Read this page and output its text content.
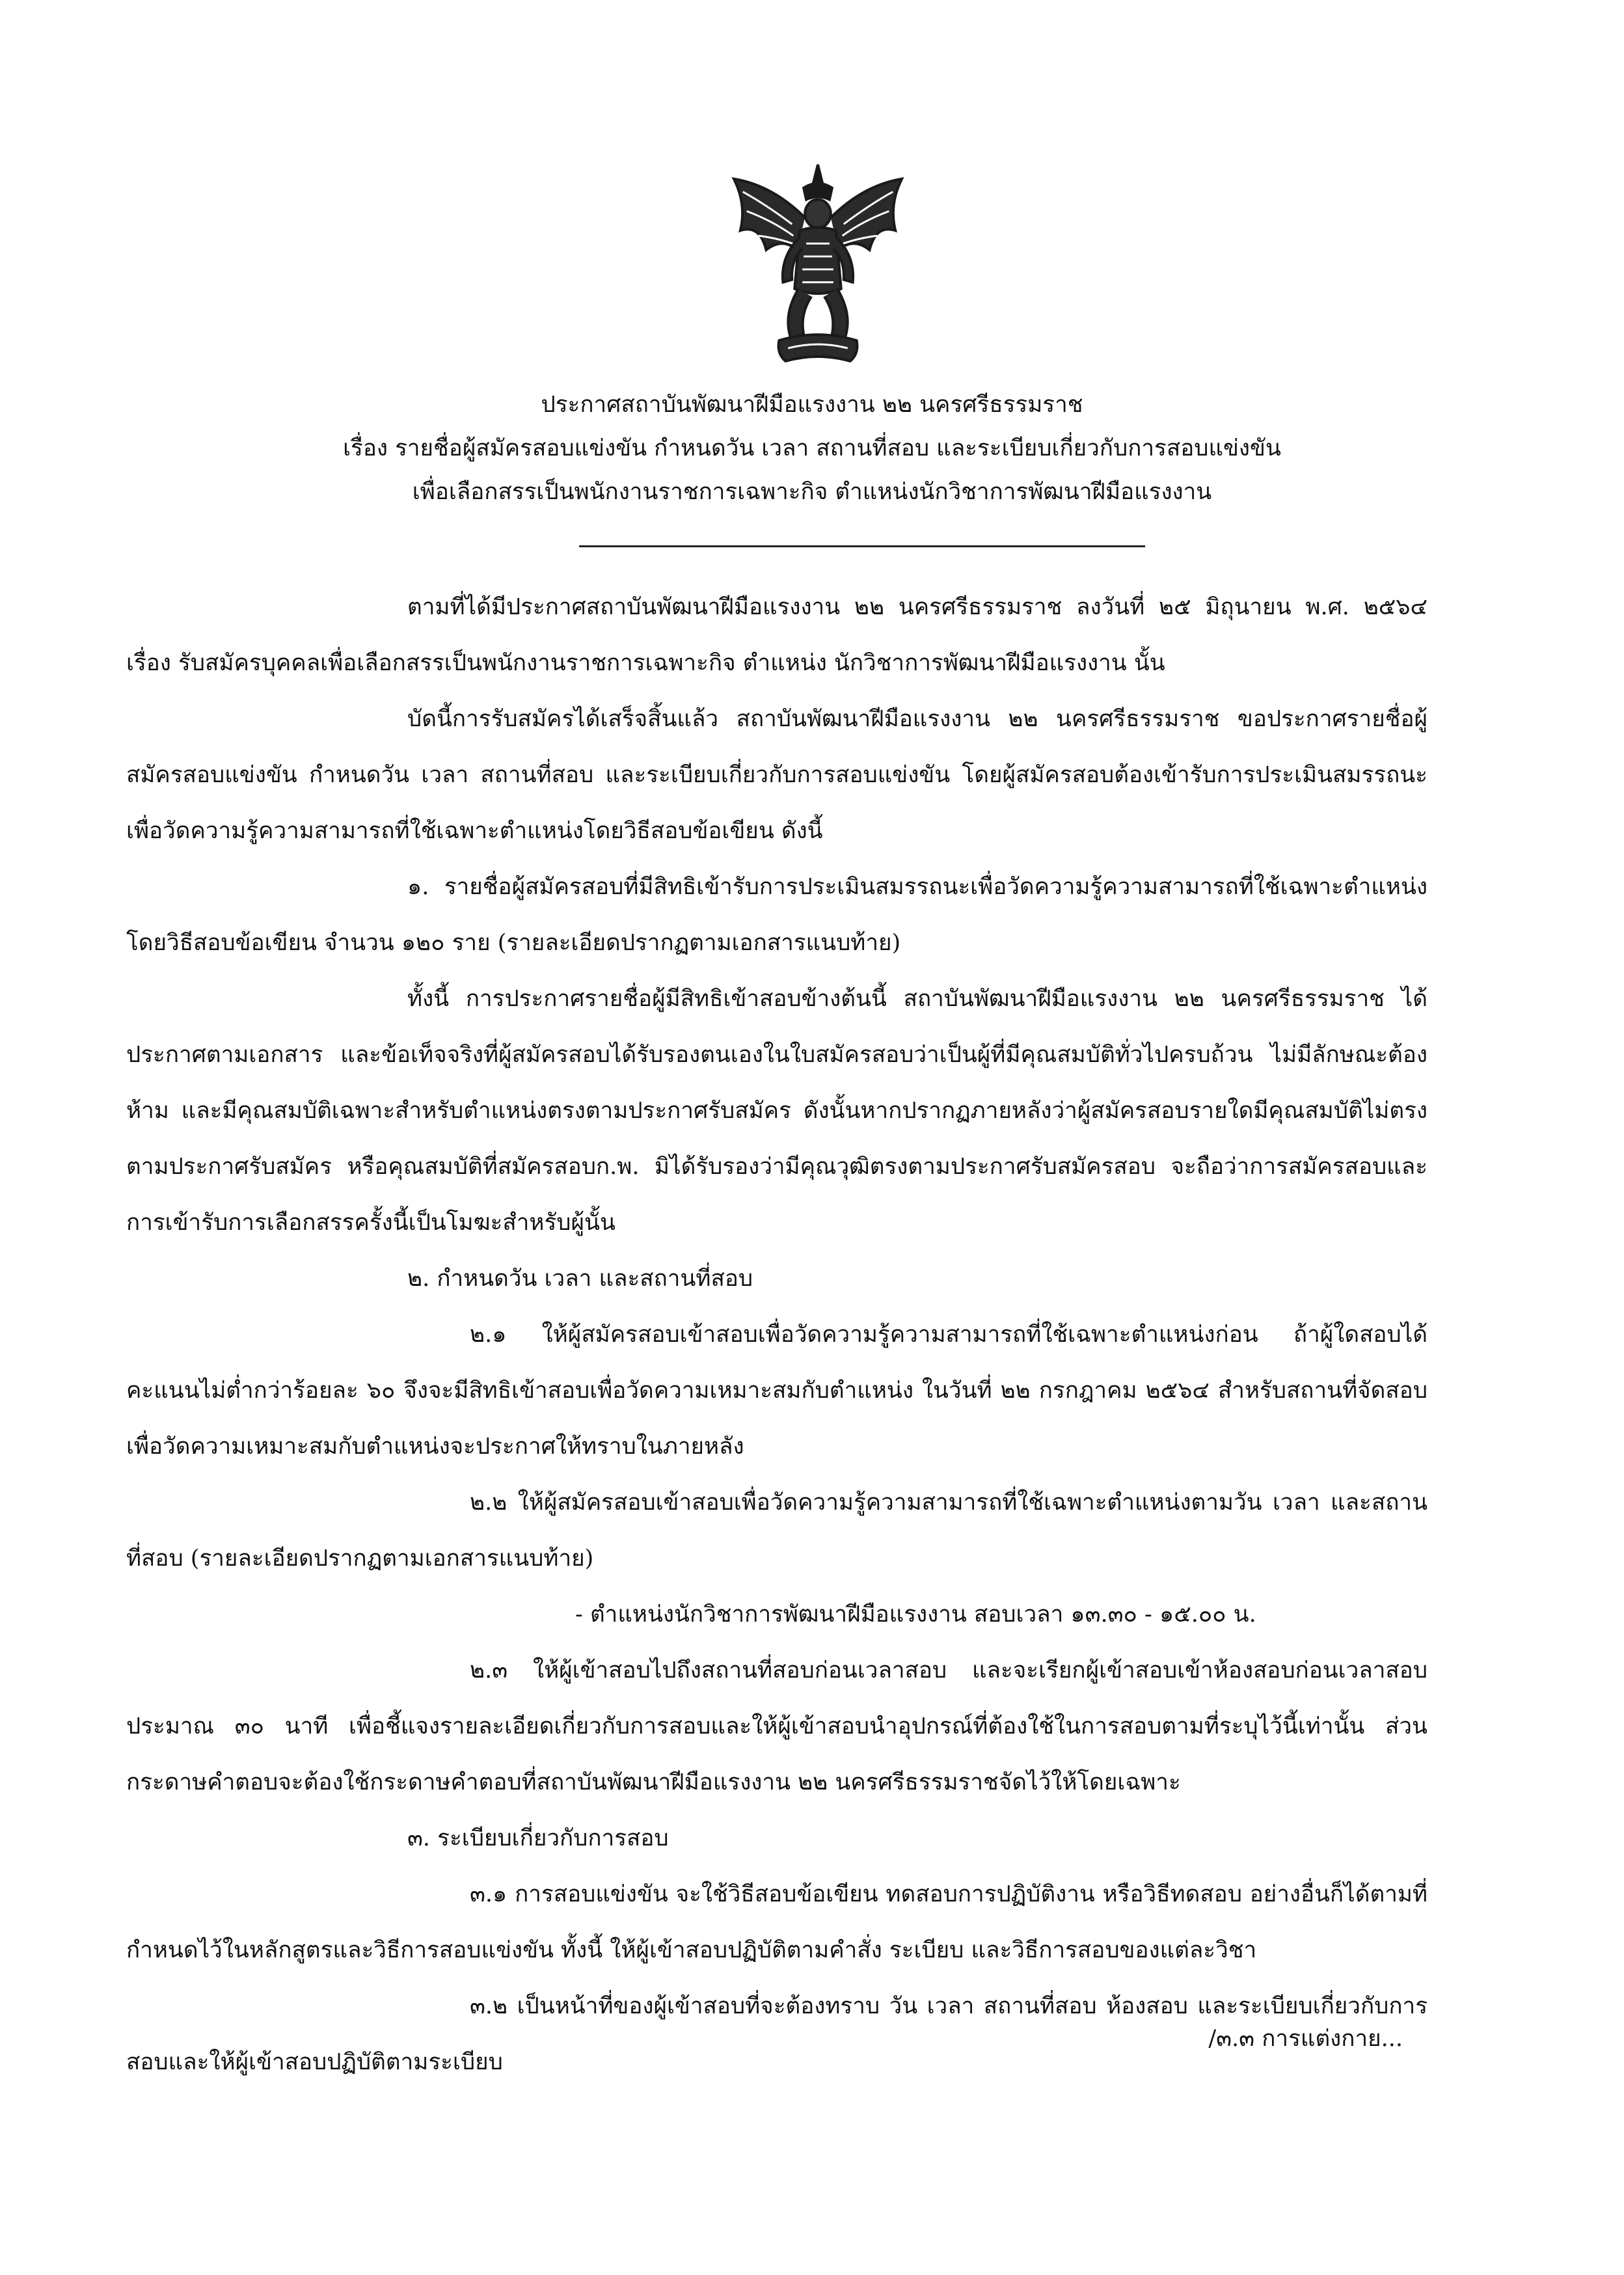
ประกาศสถาบันพัฒนาฝีมือแรงงาน ๒๒ นครศรีธรรมราช
เรื่อง รายชื่อผู้สมัครสอบแข่งขัน กำหนดวัน เวลา สถานที่สอบ และระเบียบเกี่ยวกับการสอบแข่งขัน
เพื่อเลือกสรรเป็นพนักงานราชการเฉพาะกิจ ตำแหน่งนักวิชาการพัฒนาฝีมือแรงงาน

ตามที่ได้มีประกาศสถาบันพัฒนาฝีมือแรงงาน ๒๒ นครศรีธรรมราช ลงวันที่ ๒๕ มิถุนายน พ.ศ. ๒๕๖๔ เรื่อง รับสมัครบุคคลเพื่อเลือกสรรเป็นพนักงานราชการเฉพาะกิจ ตำแหน่ง นักวิชาการพัฒนาฝีมือแรงงาน นั้น

บัดนี้การรับสมัครได้เสร็จสิ้นแล้ว สถาบันพัฒนาฝีมือแรงงาน ๒๒ นครศรีธรรมราช ขอประกาศรายชื่อผู้สมัครสอบแข่งขัน กำหนดวัน เวลา สถานที่สอบ และระเบียบเกี่ยวกับการสอบแข่งขัน โดยผู้สมัครสอบต้องเข้ารับการประเมินสมรรถนะเพื่อวัดความรู้ความสามารถที่ใช้เฉพาะตำแหน่งโดยวิธีสอบข้อเขียน ดังนี้

๑. รายชื่อผู้สมัครสอบที่มีสิทธิเข้ารับการประเมินสมรรถนะเพื่อวัดความรู้ความสามารถที่ใช้เฉพาะตำแหน่งโดยวิธีสอบข้อเขียน จำนวน ๑๒๐ ราย (รายละเอียดปรากฏตามเอกสารแนบท้าย)

ทั้งนี้ การประกาศรายชื่อผู้มีสิทธิเข้าสอบข้างต้นนี้ สถาบันพัฒนาฝีมือแรงงาน ๒๒ นครศรีธรรมราช ได้ประกาศตามเอกสาร และข้อเท็จจริงที่ผู้สมัครสอบได้รับรองตนเองในใบสมัครสอบว่าเป็นผู้ที่มีคุณสมบัติทั่วไปครบถ้วน ไม่มีลักษณะต้องห้าม และมีคุณสมบัติเฉพาะสำหรับตำแหน่งตรงตามประกาศรับสมัคร ดังนั้นหากปรากฏภายหลังว่าผู้สมัครสอบรายใดมีคุณสมบัติไม่ตรงตามประกาศรับสมัคร หรือคุณสมบัติที่สมัครสอบก.พ. มิได้รับรองว่ามีคุณวุฒิตรงตามประกาศรับสมัครสอบ จะถือว่าการสมัครสอบและการเข้ารับการเลือกสรรครั้งนี้เป็นโมฆะสำหรับผู้นั้น

๒. กำหนดวัน เวลา และสถานที่สอบ

๒.๑ ให้ผู้สมัครสอบเข้าสอบเพื่อวัดความรู้ความสามารถที่ใช้เฉพาะตำแหน่งก่อน ถ้าผู้ใดสอบได้คะแนนไม่ต่ำกว่าร้อยละ ๖๐ จึงจะมีสิทธิเข้าสอบเพื่อวัดความเหมาะสมกับตำแหน่ง ในวันที่ ๒๒ กรกฎาคม ๒๕๖๔ สำหรับสถานที่จัดสอบเพื่อวัดความเหมาะสมกับตำแหน่งจะประกาศให้ทราบในภายหลัง

๒.๒ ให้ผู้สมัครสอบเข้าสอบเพื่อวัดความรู้ความสามารถที่ใช้เฉพาะตำแหน่งตามวัน เวลา และสถานที่สอบ (รายละเอียดปรากฏตามเอกสารแนบท้าย)

- ตำแหน่งนักวิชาการพัฒนาฝีมือแรงงาน สอบเวลา ๑๓.๓๐ - ๑๕.๐๐ น.

๒.๓ ให้ผู้เข้าสอบไปถึงสถานที่สอบก่อนเวลาสอบ และจะเรียกผู้เข้าสอบเข้าห้องสอบก่อนเวลาสอบประมาณ ๓๐ นาที เพื่อชี้แจงรายละเอียดเกี่ยวกับการสอบและให้ผู้เข้าสอบนำอุปกรณ์ที่ต้องใช้ในการสอบตามที่ระบุไว้นี้เท่านั้น ส่วนกระดาษคำตอบจะต้องใช้กระดาษคำตอบที่สถาบันพัฒนาฝีมือแรงงาน ๒๒ นครศรีธรรมราชจัดไว้ให้โดยเฉพาะ

๓. ระเบียบเกี่ยวกับการสอบ

๓.๑ การสอบแข่งขัน จะใช้วิธีสอบข้อเขียน ทดสอบการปฏิบัติงาน หรือวิธีทดสอบ อย่างอื่นก็ได้ตามที่กำหนดไว้ในหลักสูตรและวิธีการสอบแข่งขัน ทั้งนี้ ให้ผู้เข้าสอบปฏิบัติตามคำสั่ง ระเบียบ และวิธีการสอบของแต่ละวิชา

๓.๒ เป็นหน้าที่ของผู้เข้าสอบที่จะต้องทราบ วัน เวลา สถานที่สอบ ห้องสอบ และระเบียบเกี่ยวกับการสอบและให้ผู้เข้าสอบปฏิบัติตามระเบียบ

/๓.๓ การแต่งกาย...
